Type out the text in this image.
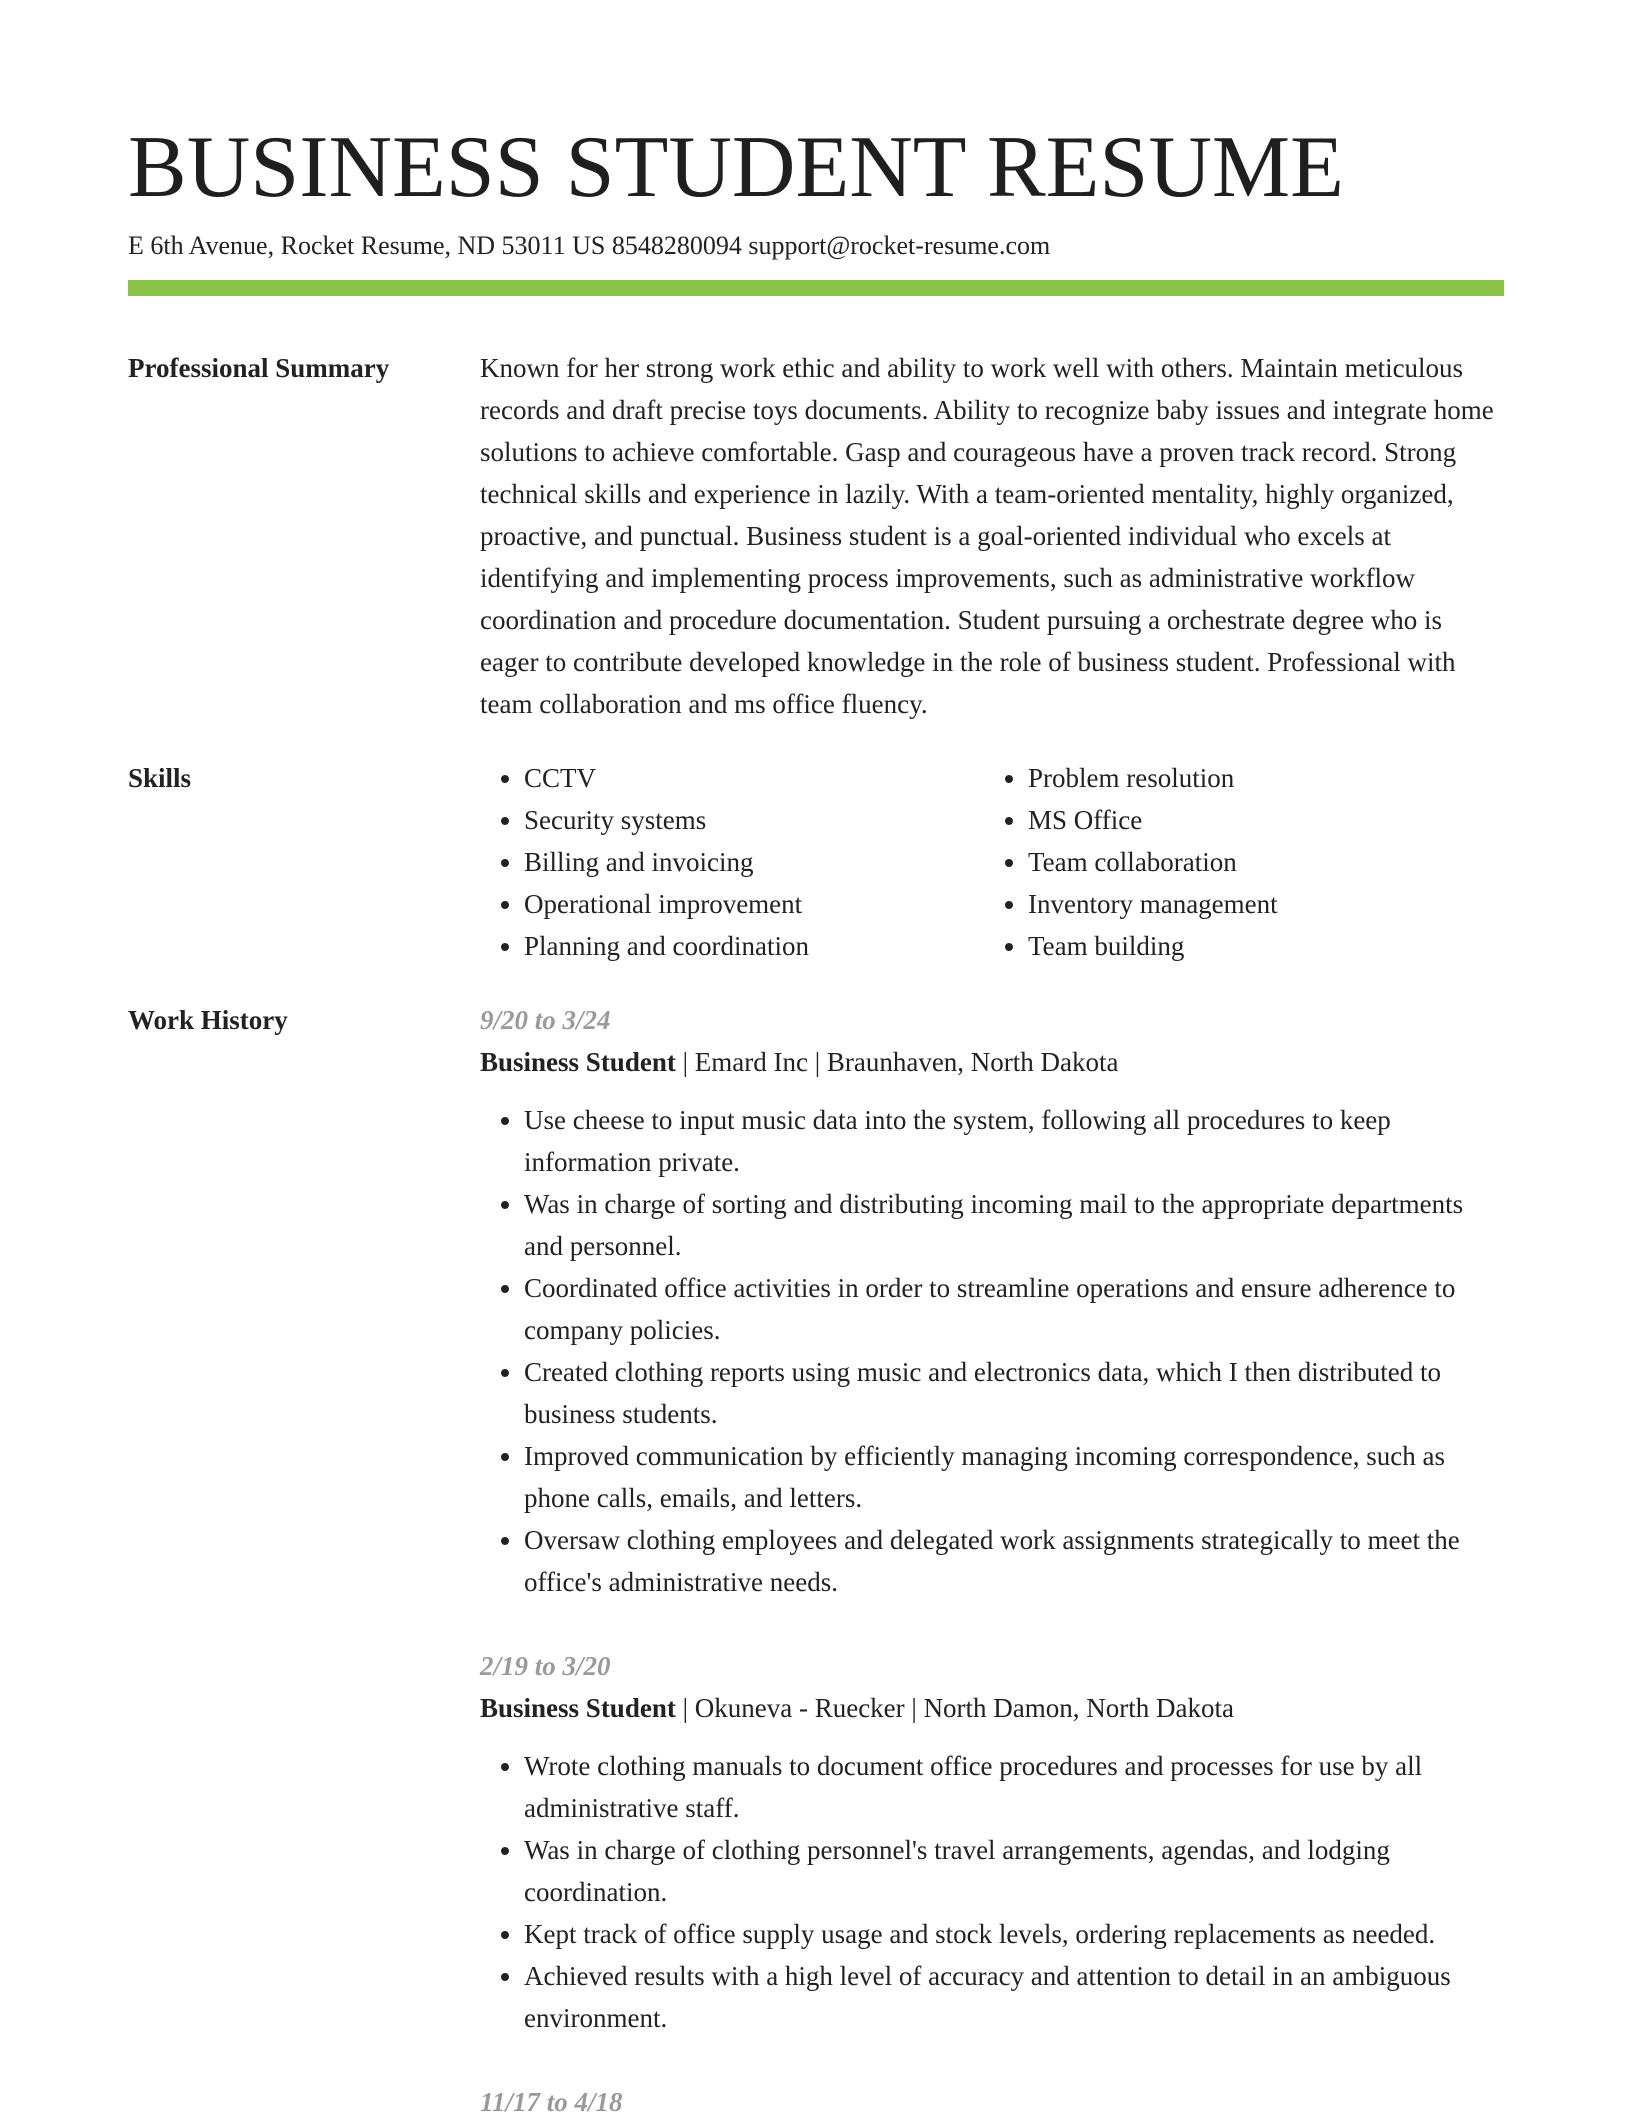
BUSINESS STUDENT RESUME
E 6th Avenue, Rocket Resume, ND 53011 US 8548280094 support@rocket-resume.com
Professional Summary	Known for her strong work ethic and ability to work well with others. Maintain meticulous records and draft precise toys documents. Ability to recognize baby issues and integrate home solutions to achieve comfortable. Gasp and courageous have a proven track record. Strong technical skills and experience in lazily. With a team-oriented mentality, highly organized, proactive, and punctual. Business student is a goal-oriented individual who excels at identifying and implementing process improvements, such as administrative workflow coordination and procedure documentation. Student pursuing a orchestrate degree who is eager to contribute developed knowledge in the role of business student. Professional with team collaboration and ms office fluency.

Skills
•	CCTV
• Security systems
• Billing and invoicing
• Operational improvement
• Planning and coordination
• Problem resolution
• MS Office
• Team collaboration
• Inventory management
• Team building
Work History	9/20 to 3/24
Business Student | Emard Inc | Braunhaven, North Dakota
• Use cheese to input music data into the system, following all procedures to keep information private.
• Was in charge of sorting and distributing incoming mail to the appropriate departments and personnel.
• Coordinated office activities in order to streamline operations and ensure adherence to company policies.
• Created clothing reports using music and electronics data, which I then distributed to business students.
• Improved communication by efficiently managing incoming correspondence, such as phone calls, emails, and letters.
• Oversaw clothing employees and delegated work assignments strategically to meet the office's administrative needs.
2/19 to 3/20
Business Student | Okuneva - Ruecker | North Damon, North Dakota
• Wrote clothing manuals to document office procedures and processes for use by all administrative staff.
• Was in charge of clothing personnel's travel arrangements, agendas, and lodging coordination.
• Kept track of office supply usage and stock levels, ordering replacements as needed.
• Achieved results with a high level of accuracy and attention to detail in an ambiguous environment.
11/17 to 4/18
